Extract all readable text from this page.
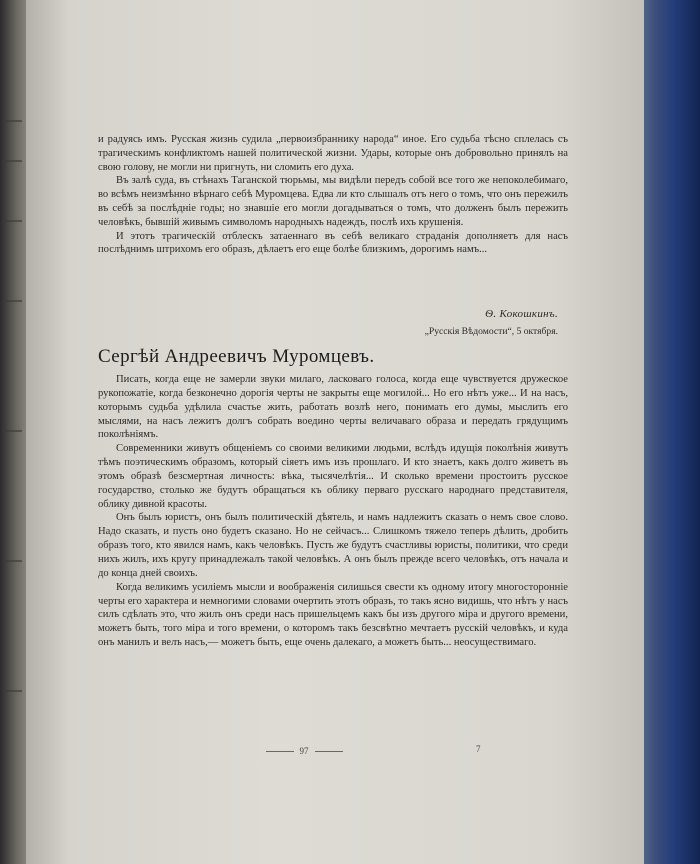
и радуясь имъ. Русская жизнь судила „первоизбраннику народа“ иное. Его судьба тѣсно сплелась съ трагическимъ конфликтомъ нашей политической жизни. Удары, которые онъ добровольно принялъ на свою голову, не могли ни пригнуть, ни сломить его духа.

Въ залѣ суда, въ стѣнахъ Таганской тюрьмы, мы видѣли передъ собой все того же непоколебимаго, во всѣмъ неизмѣнно вѣрнаго себѣ Муромцева. Едва ли кто слышалъ отъ него о томъ, что онъ пережилъ въ себѣ за послѣдніе годы; но знавшіе его могли догадываться о томъ, что долженъ былъ пережить человѣкъ, бывшій живымъ символомъ народныхъ надеждъ, послѣ ихъ крушенія.

И этотъ трагическій отблескъ затаеннаго въ себѣ великаго страданія дополняетъ для насъ послѣднимъ штрихомъ его образъ, дѣлаетъ его еще болѣе близкимъ, дорогимъ намъ...

Ѳ. Кокошкинъ.
„Русскія Вѣдомости“, 5 октября.
Сергѣй Андреевичъ Муромцевъ.

Писать, когда еще не замерли звуки милаго, ласковаго голоса, когда еще чувствуется дружеское рукопожатіе, когда безконечно дорогія черты не закрыты еще могилой... Но его нѣтъ уже... И на насъ, которымъ судьба удѣлила счастье жить, работать возлѣ него, понимать его думы, мыслить его мыслями, на насъ лежитъ долгъ собрать воедино черты величаваго образа и передать грядущимъ поколѣніямъ.

Современники живутъ общеніемъ со своими великими людьми, вслѣдъ идущія поколѣнія живутъ тѣмъ поэтическимъ образомъ, который сіяетъ имъ изъ прошлаго. И кто знаетъ, какъ долго живетъ въ этомъ образѣ безсмертная личность: вѣка, тысячелѣтія... И сколько времени простоитъ русское государство, столько же будутъ обращаться къ облику перваго русскаго народнаго представителя, облику дивной красоты.

Онъ былъ юристъ, онъ былъ политическій дѣятель, и намъ надлежитъ сказать о немъ свое слово. Надо сказать, и пусть оно будетъ сказано. Но не сейчасъ... Слишкомъ тяжело теперь дѣлить, дробить образъ того, кто явился намъ, какъ человѣкъ. Пусть же будутъ счастливы юристы, политики, что среди нихъ жилъ, ихъ кругу принадлежалъ такой человѣкъ. А онъ былъ прежде всего человѣкъ, отъ начала и до конца дней своихъ.

Когда великимъ усиліемъ мысли и воображенія силишься свести къ одному итогу многосторонніе черты его характера и немногими словами очертить этотъ образъ, то такъ ясно видишь, что нѣтъ у насъ силъ сдѣлать это, что жилъ онъ среди насъ пришельцемъ какъ бы изъ другого міра и другого времени, можетъ быть, того міра и того времени, о которомъ такъ безсвѣтно мечтаетъ русскій человѣкъ, и куда онъ манилъ и велъ насъ,— можетъ быть, еще очень далекаго, а можетъ быть... неосуществимаго.

97	7
